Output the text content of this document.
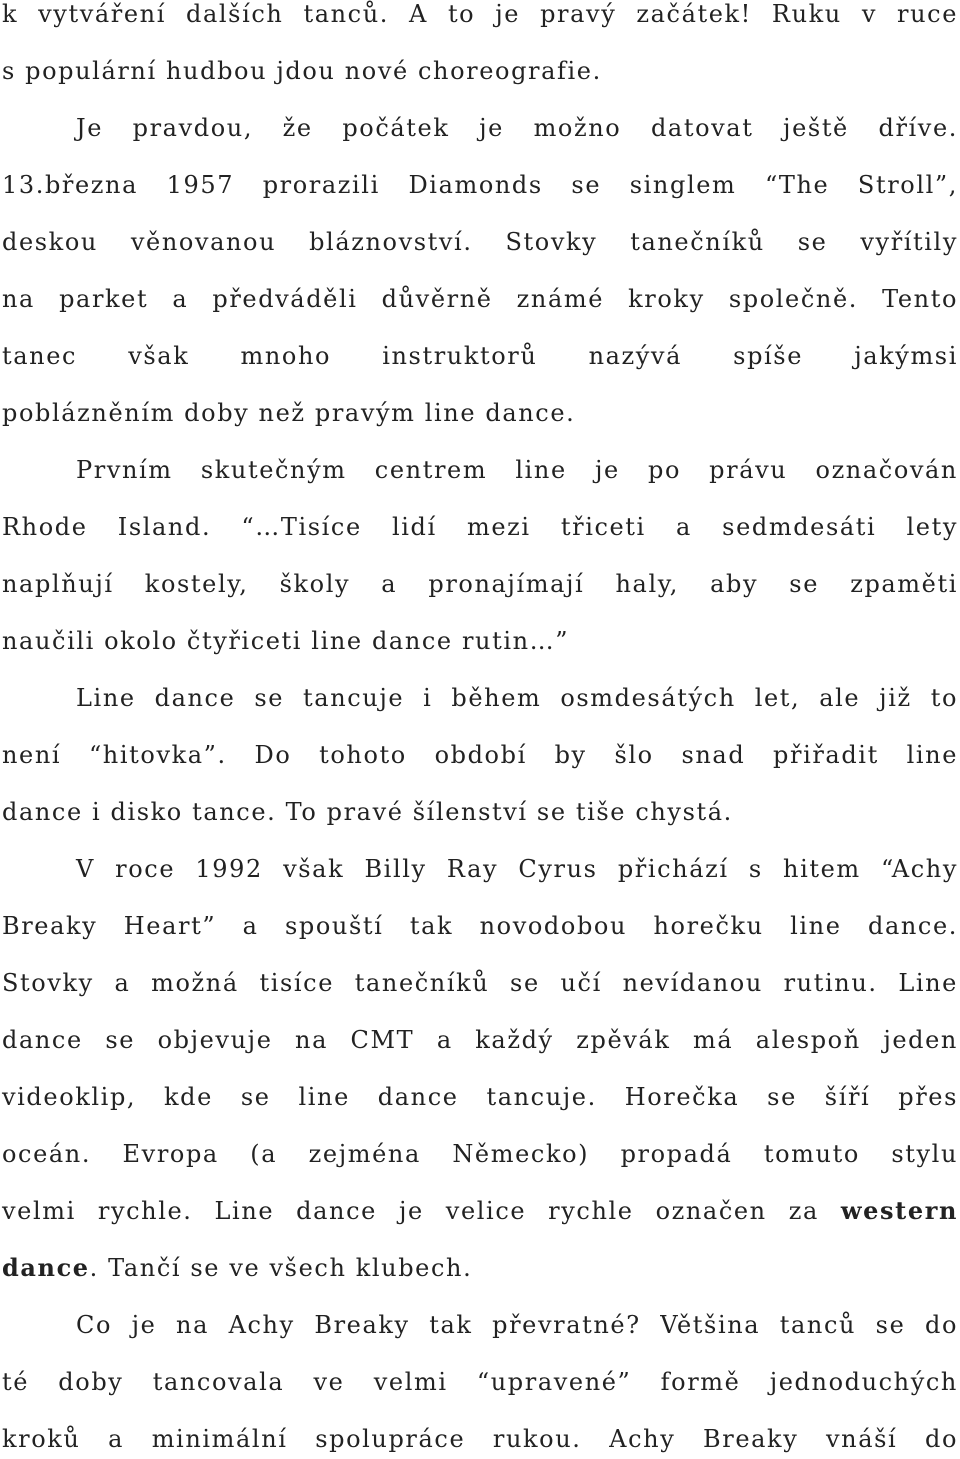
k vytváření dalších tanců. A to je pravý začátek! Ruku v ruce
s populární hudbou jdou nové choreografie.
Je pravdou, že počátek je možno datovat ještě dříve.
13.března 1957 prorazili Diamonds se singlem “The Stroll”,
deskou věnovanou bláznovství. Stovky tanečníků se vyřítily
na parket a předváděli důvěrně známé kroky společně. Tento
tanec však mnoho instruktorů nazývá spíše jakýmsi
poblázněním doby než pravým line dance.
Prvním skutečným centrem line je po právu označován
Rhode Island. “…Tisíce lidí mezi třiceti a sedmdesáti lety
naplňují kostely, školy a pronajímají haly, aby se zpaměti
naučili okolo čtyřiceti line dance rutin…”
Line dance se tancuje i během osmdesátých let, ale již to
není “hitovka”. Do tohoto období by šlo snad přiřadit line
dance i disko tance. To pravé šílenství se tiše chystá.
V roce 1992 však Billy Ray Cyrus přichází s hitem “Achy
Breaky Heart” a spouští tak novodobou horečku line dance.
Stovky a možná tisíce tanečníků se učí nevídanou rutinu. Line
dance se objevuje na CMT a každý zpěvák má alespoň jeden
videoklip, kde se line dance tancuje. Horečka se šíří přes
oceán. Evropa (a zejména Německo) propadá tomuto stylu
velmi rychle. Line dance je velice rychle označen za western
dance. Tančí se ve všech klubech.
Co je na Achy Breaky tak převratné? Většina tanců se do
té doby tancovala ve velmi “upravené” formě jednoduchých
kroků a minimální spolupráce rukou. Achy Breaky vnáší do
